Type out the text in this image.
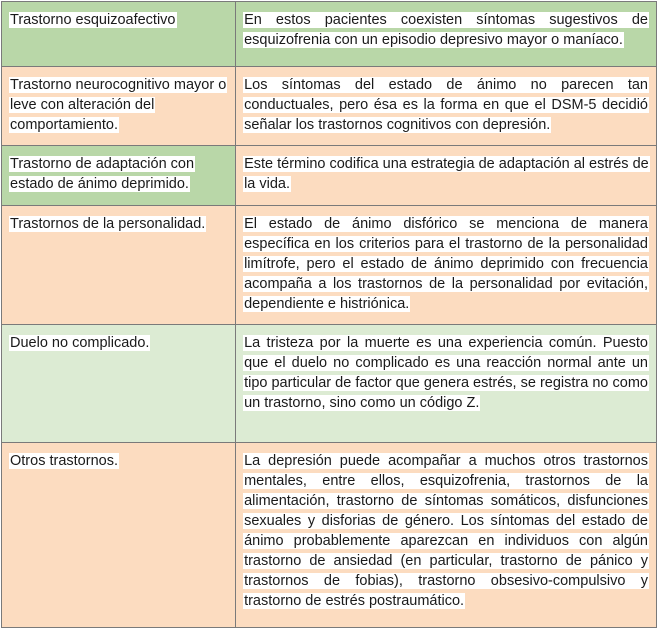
Trastorno esquizoafectivo	En estos pacientes coexisten síntomas sugestivos de esquizofrenia con un episodio depresivo mayor o maníaco.
Trastorno neurocognitivo mayor o leve con alteración del comportamiento.	Los síntomas del estado de ánimo no parecen tan conductuales, pero ésa es la forma en que el DSM-5 decidió señalar los trastornos cognitivos con depresión.
Trastorno de adaptación con estado de ánimo deprimido.	Este término codifica una estrategia de adaptación al estrés de la vida.
Trastornos de la personalidad.	El estado de ánimo disfórico se menciona de manera específica en los criterios para el trastorno de la personalidad limítrofe, pero el estado de ánimo deprimido con frecuencia acompaña a los trastornos de la personalidad por evitación, dependiente e histriónica.
Duelo no complicado.	La tristeza por la muerte es una experiencia común. Puesto que el duelo no complicado es una reacción normal ante un tipo particular de factor que genera estrés, se registra no como un trastorno, sino como un código Z.
Otros trastornos.	La depresión puede acompañar a muchos otros trastornos mentales, entre ellos, esquizofrenia, trastornos de la alimentación, trastorno de síntomas somáticos, disfunciones sexuales y disforias de género. Los síntomas del estado de ánimo probablemente aparezcan en individuos con algún trastorno de ansiedad (en particular, trastorno de pánico y trastornos de fobias), trastorno obsesivo-compulsivo y trastorno de estrés postraumático.
